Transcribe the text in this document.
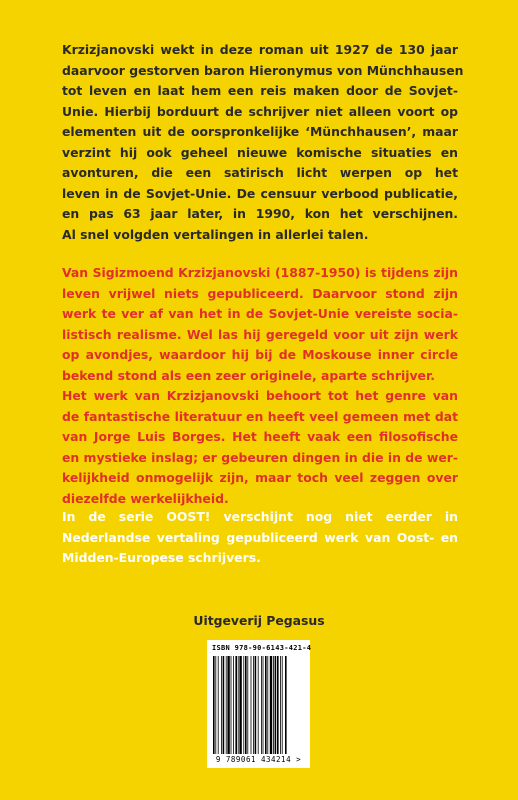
Krzizjanovski wekt in deze roman uit 1927 de 130 jaar
daarvoor gestorven baron Hieronymus von Münchhausen
tot leven en laat hem een reis maken door de Sovjet-
Unie. Hierbij borduurt de schrijver niet alleen voort op
elementen uit de oorspronkelijke ‘Münchhausen’, maar
verzint hij ook geheel nieuwe komische situaties en
avonturen, die een satirisch licht werpen op het
leven in de Sovjet-Unie. De censuur verbood publicatie,
en pas 63 jaar later, in 1990, kon het verschijnen.
Al snel volgden vertalingen in allerlei talen.
Van Sigizmoend Krzizjanovski (1887-1950) is tijdens zijn
leven vrijwel niets gepubliceerd. Daarvoor stond zijn
werk te ver af van het in de Sovjet-Unie vereiste socia-
listisch realisme. Wel las hij geregeld voor uit zijn werk
op avondjes, waardoor hij bij de Moskouse inner circle
bekend stond als een zeer originele, aparte schrijver.
Het werk van Krzizjanovski behoort tot het genre van
de fantastische literatuur en heeft veel gemeen met dat
van Jorge Luis Borges. Het heeft vaak een filosofische
en mystieke inslag; er gebeuren dingen in die in de wer-
kelijkheid onmogelijk zijn, maar toch veel zeggen over
diezelfde werkelijkheid.
In de serie OOST! verschijnt nog niet eerder in
Nederlandse vertaling gepubliceerd werk van Oost- en
Midden-Europese schrijvers.
Uitgeverij Pegasus
ISBN 978-90-6143-421-4
9 789061 434214 >
